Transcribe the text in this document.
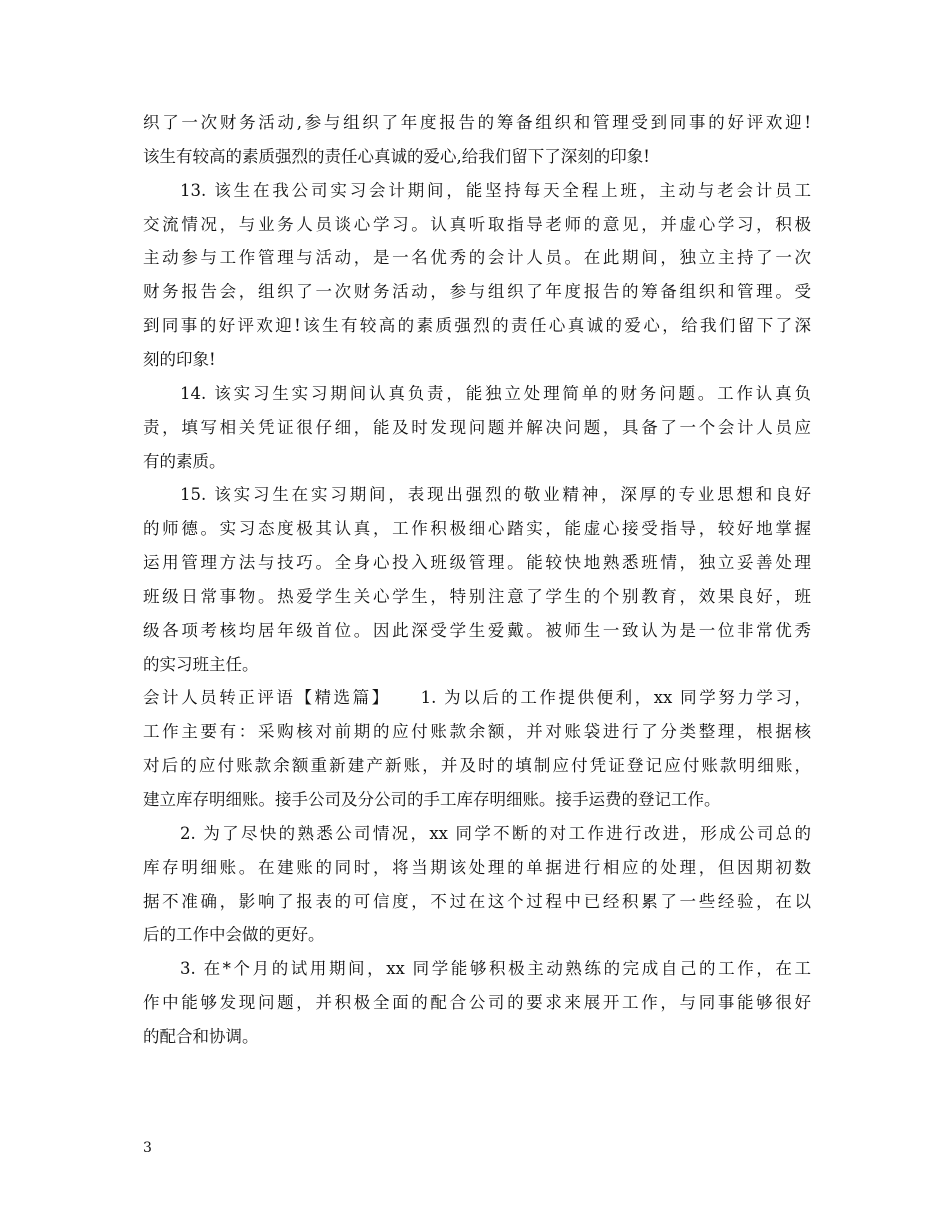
织了一次财务活动,参与组织了年度报告的筹备组织和管理受到同事的好评欢迎!
该生有较高的素质强烈的责任心真诚的爱心,给我们留下了深刻的印象!
13. 该生在我公司实习会计期间，能坚持每天全程上班，主动与老会计员工
交流情况，与业务人员谈心学习。认真听取指导老师的意见，并虚心学习，积极
主动参与工作管理与活动，是一名优秀的会计人员。在此期间，独立主持了一次
财务报告会，组织了一次财务活动，参与组织了年度报告的筹备组织和管理。受
到同事的好评欢迎!该生有较高的素质强烈的责任心真诚的爱心，给我们留下了深
刻的印象!
14. 该实习生实习期间认真负责，能独立处理简单的财务问题。工作认真负
责，填写相关凭证很仔细，能及时发现问题并解决问题，具备了一个会计人员应
有的素质。
15. 该实习生在实习期间，表现出强烈的敬业精神，深厚的专业思想和良好
的师德。实习态度极其认真，工作积极细心踏实，能虚心接受指导，较好地掌握
运用管理方法与技巧。全身心投入班级管理。能较快地熟悉班情，独立妥善处理
班级日常事物。热爱学生关心学生，特别注意了学生的个别教育，效果良好，班
级各项考核均居年级首位。因此深受学生爱戴。被师生一致认为是一位非常优秀
的实习班主任。
会计人员转正评语【精选篇】　　1. 为以后的工作提供便利，xx 同学努力学习，
工作主要有：采购核对前期的应付账款余额，并对账袋进行了分类整理，根据核
对后的应付账款余额重新建产新账，并及时的填制应付凭证登记应付账款明细账，
建立库存明细账。接手公司及分公司的手工库存明细账。接手运费的登记工作。
2. 为了尽快的熟悉公司情况，xx 同学不断的对工作进行改进，形成公司总的
库存明细账。在建账的同时，将当期该处理的单据进行相应的处理，但因期初数
据不准确，影响了报表的可信度，不过在这个过程中已经积累了一些经验，在以
后的工作中会做的更好。
3. 在*个月的试用期间，xx 同学能够积极主动熟练的完成自己的工作，在工
作中能够发现问题，并积极全面的配合公司的要求来展开工作，与同事能够很好
的配合和协调。
3
